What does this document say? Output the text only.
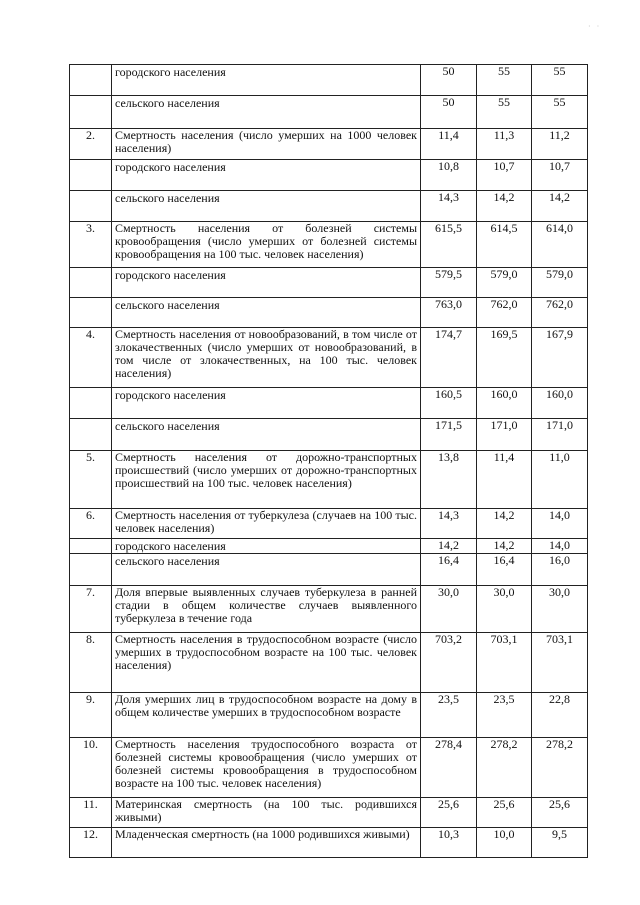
· ·
	городского населения	50	55	55
	сельского населения	50	55	55
2.	Смертность населения (число умерших на 1000 человек населения)	11,4	11,3	11,2
	городского населения	10,8	10,7	10,7
	сельского населения	14,3	14,2	14,2
3.	Смертность населения от болезней системы кровообращения (число умерших от болезней системы кровообращения на 100 тыс. человек населения)	615,5	614,5	614,0
	городского населения	579,5	579,0	579,0
	сельского населения	763,0	762,0	762,0
4.	Смертность населения от новообразований, в том числе от злокачественных (число умерших от новообразований, в том числе от злокачественных, на 100 тыс. человек населения)	174,7	169,5	167,9
	городского населения	160,5	160,0	160,0
	сельского населения	171,5	171,0	171,0
5.	Смертность населения от дорожно-транспортных происшествий (число умерших от дорожно-транспортных происшествий на 100 тыс. человек населения)	13,8	11,4	11,0
6.	Смертность населения от туберкулеза (случаев на 100 тыс. человек населения)	14,3	14,2	14,0
	городского населения	14,2	14,2	14,0
	сельского населения	16,4	16,4	16,0
7.	Доля впервые выявленных случаев туберкулеза в ранней стадии в общем количестве случаев выявленного туберкулеза в течение года	30,0	30,0	30,0
8.	Смертность населения в трудоспособном возрасте (число умерших в трудоспособном возрасте на 100 тыс. человек населения)	703,2	703,1	703,1
9.	Доля умерших лиц в трудоспособном возрасте на дому в общем количестве умерших в трудоспособном возрасте	23,5	23,5	22,8
10.	Смертность населения трудоспособного возраста от болезней системы кровообращения (число умерших от болезней системы кровообращения в трудоспособном возрасте на 100 тыс. человек населения)	278,4	278,2	278,2
11.	Материнская смертность (на 100 тыс. родившихся живыми)	25,6	25,6	25,6
12.	Младенческая смертность (на 1000 родившихся живыми)	10,3	10,0	9,5
